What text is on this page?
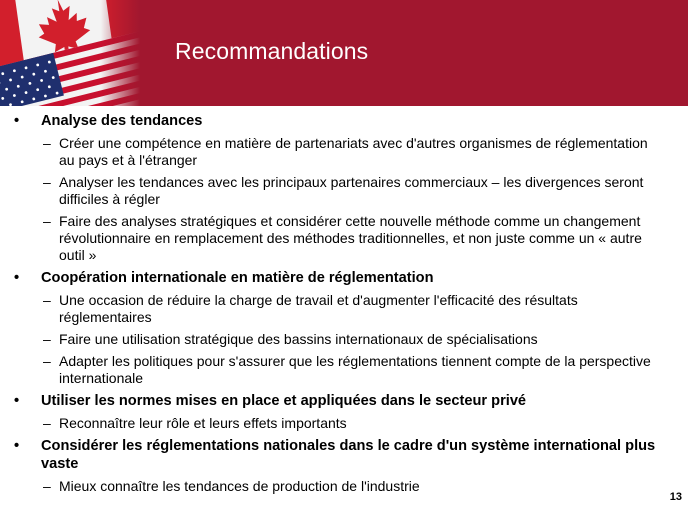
Recommandations
• Analyse des tendances
– Créer une compétence en matière de partenariats avec d'autres organismes de réglementation au pays et à l'étranger
– Analyser les tendances avec les principaux partenaires commerciaux – les divergences seront difficiles à régler
– Faire des analyses stratégiques et considérer cette nouvelle méthode comme un changement révolutionnaire en remplacement des méthodes traditionnelles, et non juste comme un « autre outil »
• Coopération internationale en matière de réglementation
– Une occasion de réduire la charge de travail et d'augmenter l'efficacité des résultats réglementaires
– Faire une utilisation stratégique des bassins internationaux de spécialisations
– Adapter les politiques pour s'assurer que les réglementations tiennent compte de la perspective internationale
• Utiliser les normes mises en place et appliquées dans le secteur privé
– Reconnaître leur rôle et leurs effets importants
• Considérer les réglementations nationales dans le cadre d'un système international plus vaste
– Mieux connaître les tendances de production de l'industrie
13
